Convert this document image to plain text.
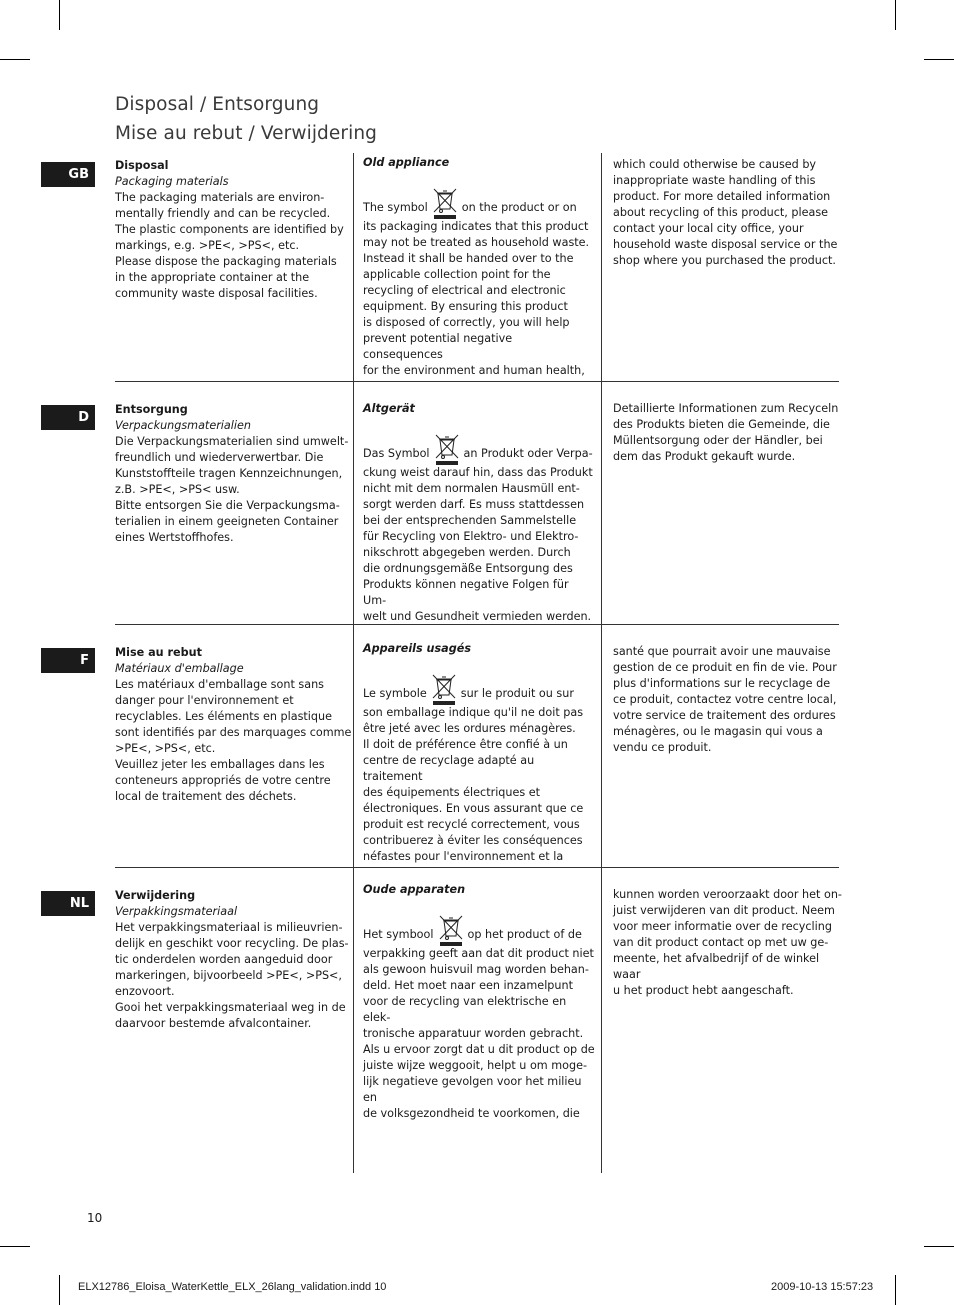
Disposal / Entsorgung
Mise au rebut / Verwijdering
GB
Disposal
Packaging materials
The packaging materials are environ-
mentally friendly and can be recycled.
The plastic components are identified by
markings, e.g. >PE<, >PS<, etc.
Please dispose the packaging materials
in the appropriate container at the
community waste disposal facilities.
Old appliance

The symbol	on the product or on
its packaging indicates that this product
may not be treated as household waste.
Instead it shall be handed over to the
applicable collection point for the
recycling of electrical and electronic
equipment. By ensuring this product
is disposed of correctly, you will help
prevent potential negative consequences
for the environment and human health,
which could otherwise be caused by
inappropriate waste handling of this
product. For more detailed information
about recycling of this product, please
contact your local city office, your
household waste disposal service or the
shop where you purchased the product.
D
Entsorgung
Verpackungsmaterialien
Die Verpackungsmaterialien sind umwelt-
freundlich und wiederverwertbar. Die
Kunststoffteile tragen Kennzeichnungen,
z.B. >PE<, >PS< usw.
Bitte entsorgen Sie die Verpackungsma-
terialien in einem geeigneten Container
eines Wertstoffhofes.
Altgerät

Das Symbol	an Produkt oder Verpa-
ckung weist darauf hin, dass das Produkt
nicht mit dem normalen Hausmüll ent-
sorgt werden darf. Es muss stattdessen
bei der entsprechenden Sammelstelle
für Recycling von Elektro- und Elektro-
nikschrott abgegeben werden. Durch
die ordnungsgemäße Entsorgung des
Produkts können negative Folgen für Um-
welt und Gesundheit vermieden werden.
Detaillierte Informationen zum Recyceln
des Produkts bieten die Gemeinde, die
Müllentsorgung oder der Händler, bei
dem das Produkt gekauft wurde.
F
Mise au rebut
Matériaux d'emballage
Les matériaux d'emballage sont sans
danger pour l'environnement et
recyclables. Les éléments en plastique
sont identifiés par des marquages comme
>PE<, >PS<, etc.
Veuillez jeter les emballages dans les
conteneurs appropriés de votre centre
local de traitement des déchets.
Appareils usagés

Le symbole	sur le produit ou sur
son emballage indique qu'il ne doit pas
être jeté avec les ordures ménagères.
Il doit de préférence être confié à un
centre de recyclage adapté au traitement
des équipements électriques et
électroniques. En vous assurant que ce
produit est recyclé correctement, vous
contribuerez à éviter les conséquences
néfastes pour l'environnement et la
santé que pourrait avoir une mauvaise
gestion de ce produit en fin de vie. Pour
plus d'informations sur le recyclage de
ce produit, contactez votre centre local,
votre service de traitement des ordures
ménagères, ou le magasin qui vous a
vendu ce produit.
NL
Verwijdering
Verpakkingsmateriaal
Het verpakkingsmateriaal is milieuvrien-
delijk en geschikt voor recycling. De plas-
tic onderdelen worden aangeduid door
markeringen, bijvoorbeeld >PE<, >PS<,
enzovoort.
Gooi het verpakkingsmateriaal weg in de
daarvoor bestemde afvalcontainer.
Oude apparaten

Het symbool	op het product of de
verpakking geeft aan dat dit product niet
als gewoon huisvuil mag worden behan-
deld. Het moet naar een inzamelpunt
voor de recycling van elektrische en elek-
tronische apparatuur worden gebracht.
Als u ervoor zorgt dat u dit product op de
juiste wijze weggooit, helpt u om moge-
lijk negatieve gevolgen voor het milieu en
de volksgezondheid te voorkomen, die
kunnen worden veroorzaakt door het on-
juist verwijderen van dit product. Neem
voor meer informatie over de recycling
van dit product contact op met uw ge-
meente, het afvalbedrijf of de winkel waar
u het product hebt aangeschaft.
10
ELX12786_Eloisa_WaterKettle_ELX_26lang_validation.indd 10	2009-10-13 15:57:23
